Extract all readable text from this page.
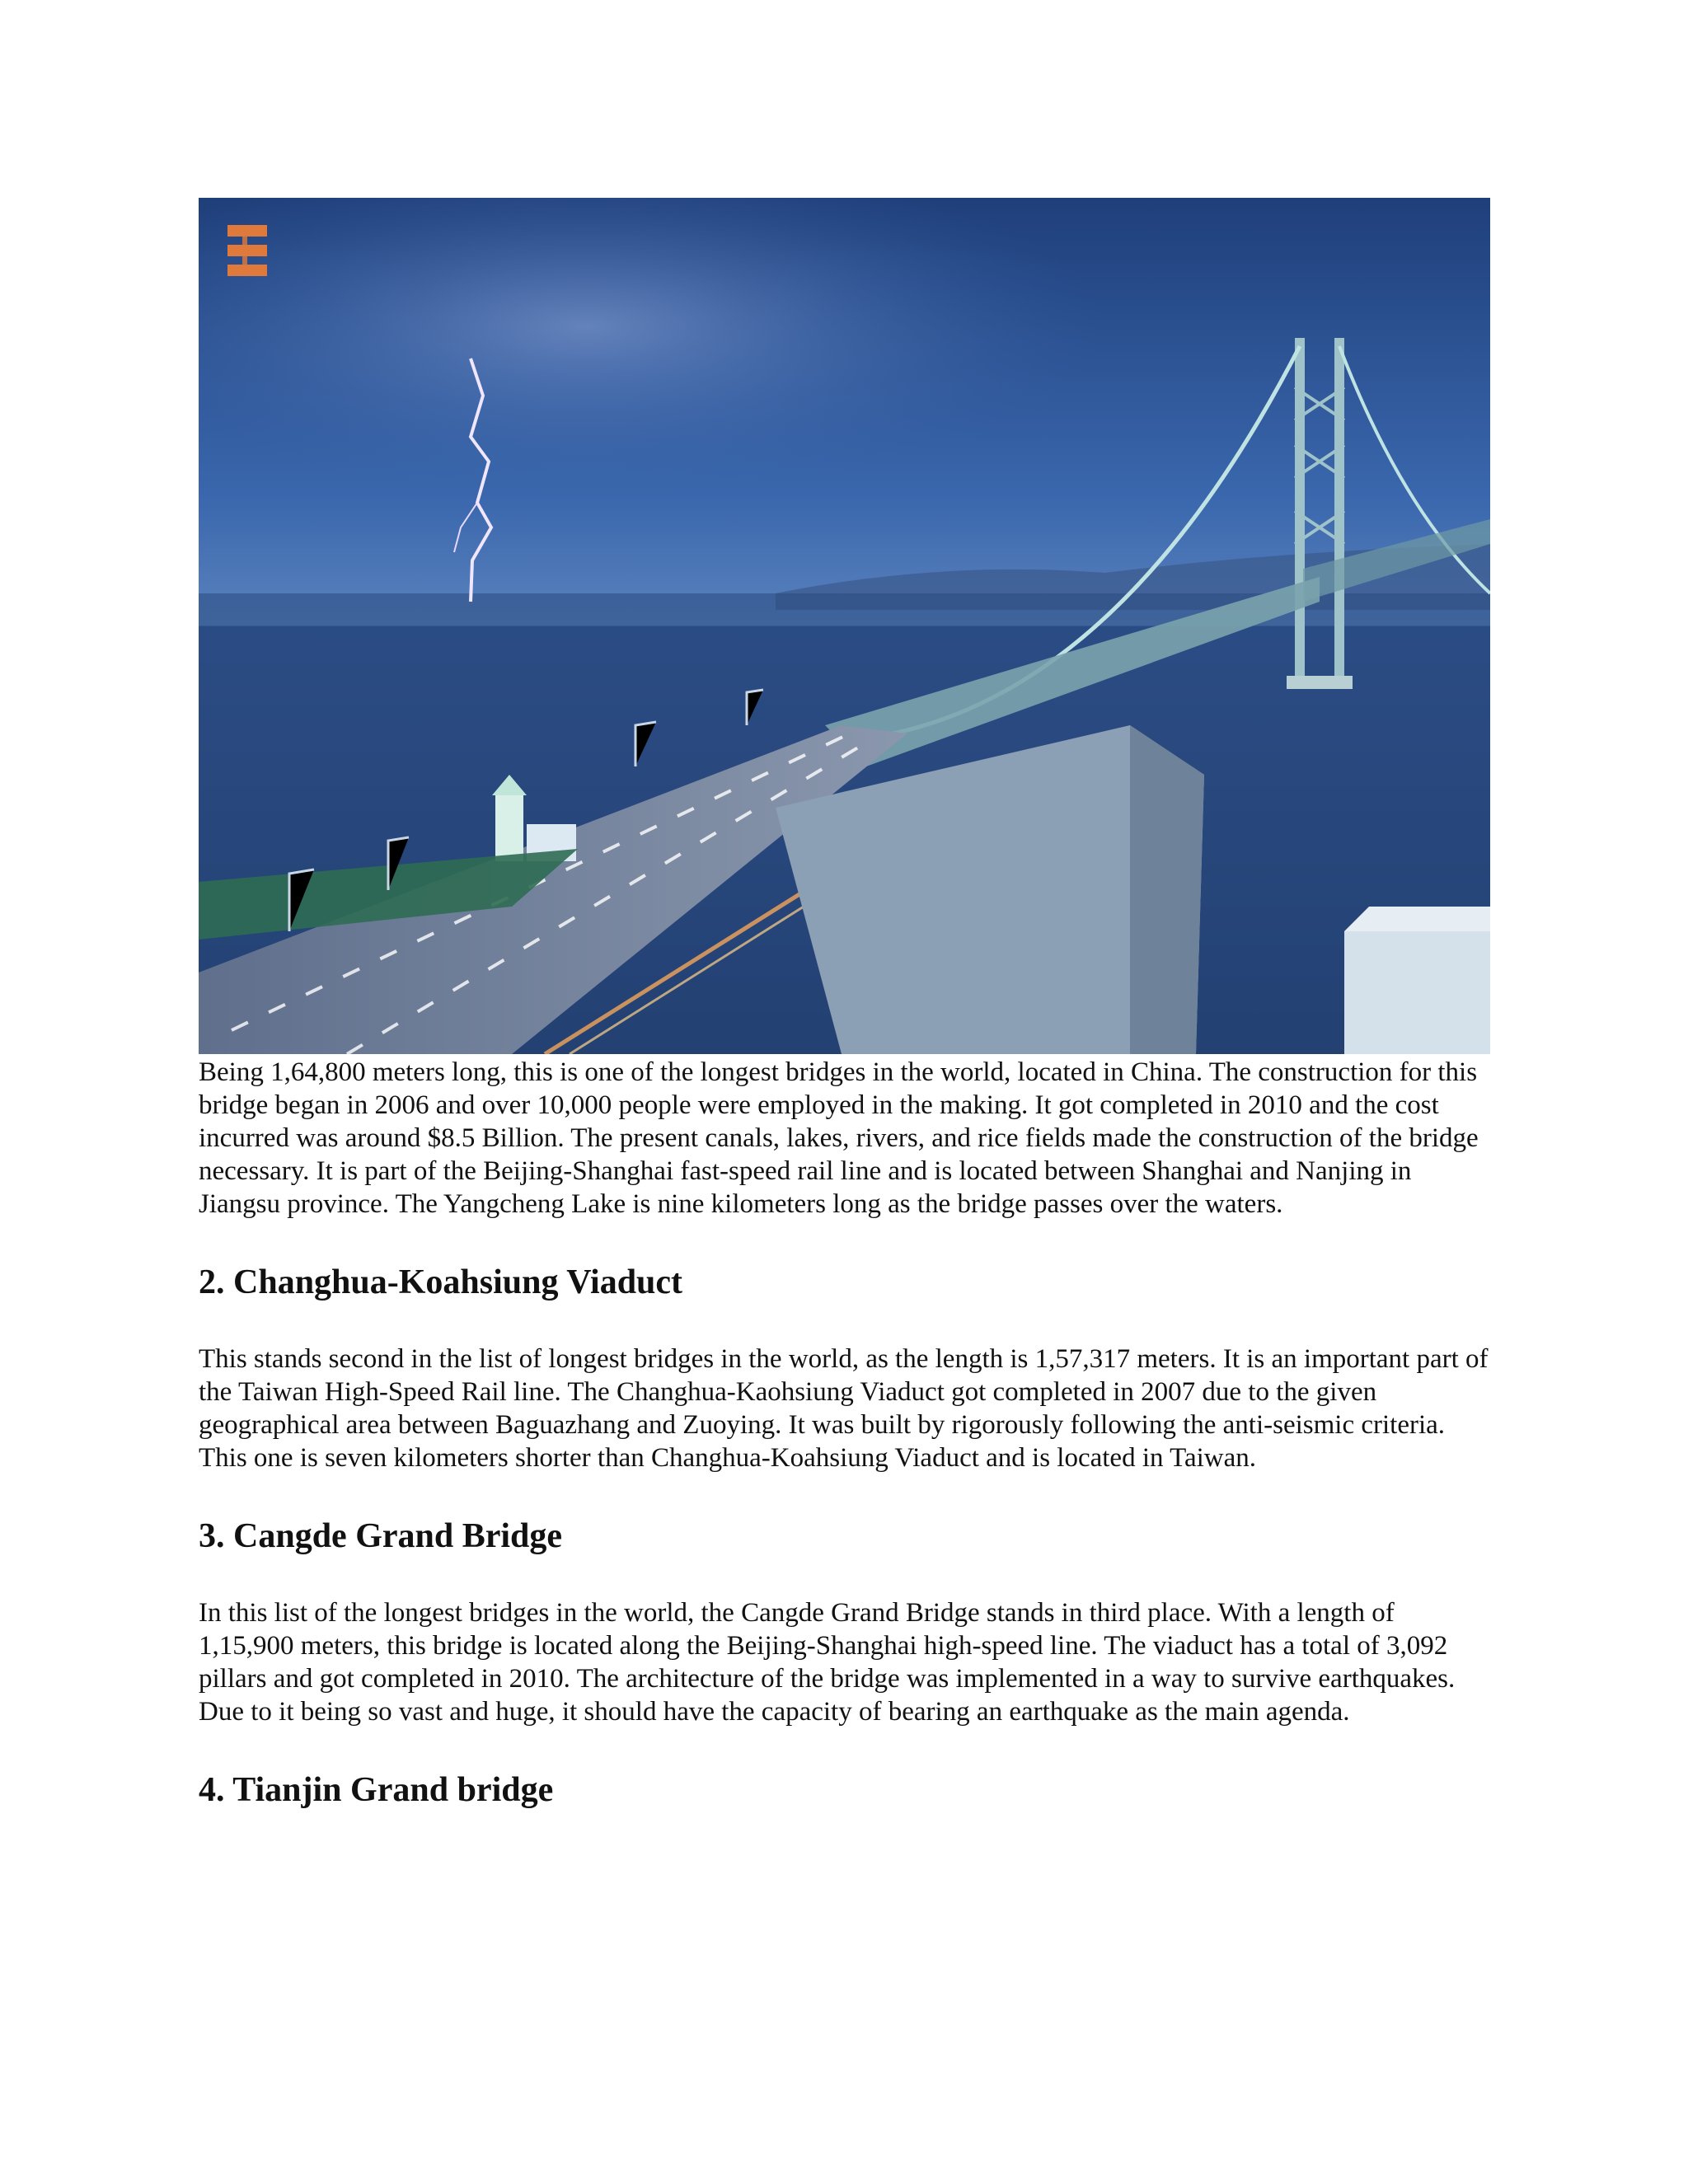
Being 1,64,800 meters long, this is one of the longest bridges in the world, located in China. The construction for this bridge began in 2006 and over 10,000 people were employed in the making. It got completed in 2010 and the cost incurred was around $8.5 Billion. The present canals, lakes, rivers, and rice fields made the construction of the bridge necessary. It is part of the Beijing-Shanghai fast-speed rail line and is located between Shanghai and Nanjing in Jiangsu province. The Yangcheng Lake is nine kilometers long as the bridge passes over the waters.

2. Changhua-Koahsiung Viaduct

This stands second in the list of longest bridges in the world, as the length is 1,57,317 meters. It is an important part of the Taiwan High-Speed Rail line. The Changhua-Kaohsiung Viaduct got completed in 2007 due to the given geographical area between Baguazhang and Zuoying. It was built by rigorously following the anti-seismic criteria. This one is seven kilometers shorter than Changhua-Koahsiung Viaduct and is located in Taiwan.

3. Cangde Grand Bridge

In this list of the longest bridges in the world, the Cangde Grand Bridge stands in third place. With a length of 1,15,900 meters, this bridge is located along the Beijing-Shanghai high-speed line. The viaduct has a total of 3,092 pillars and got completed in 2010. The architecture of the bridge was implemented in a way to survive earthquakes. Due to it being so vast and huge, it should have the capacity of bearing an earthquake as the main agenda.

4. Tianjin Grand bridge
